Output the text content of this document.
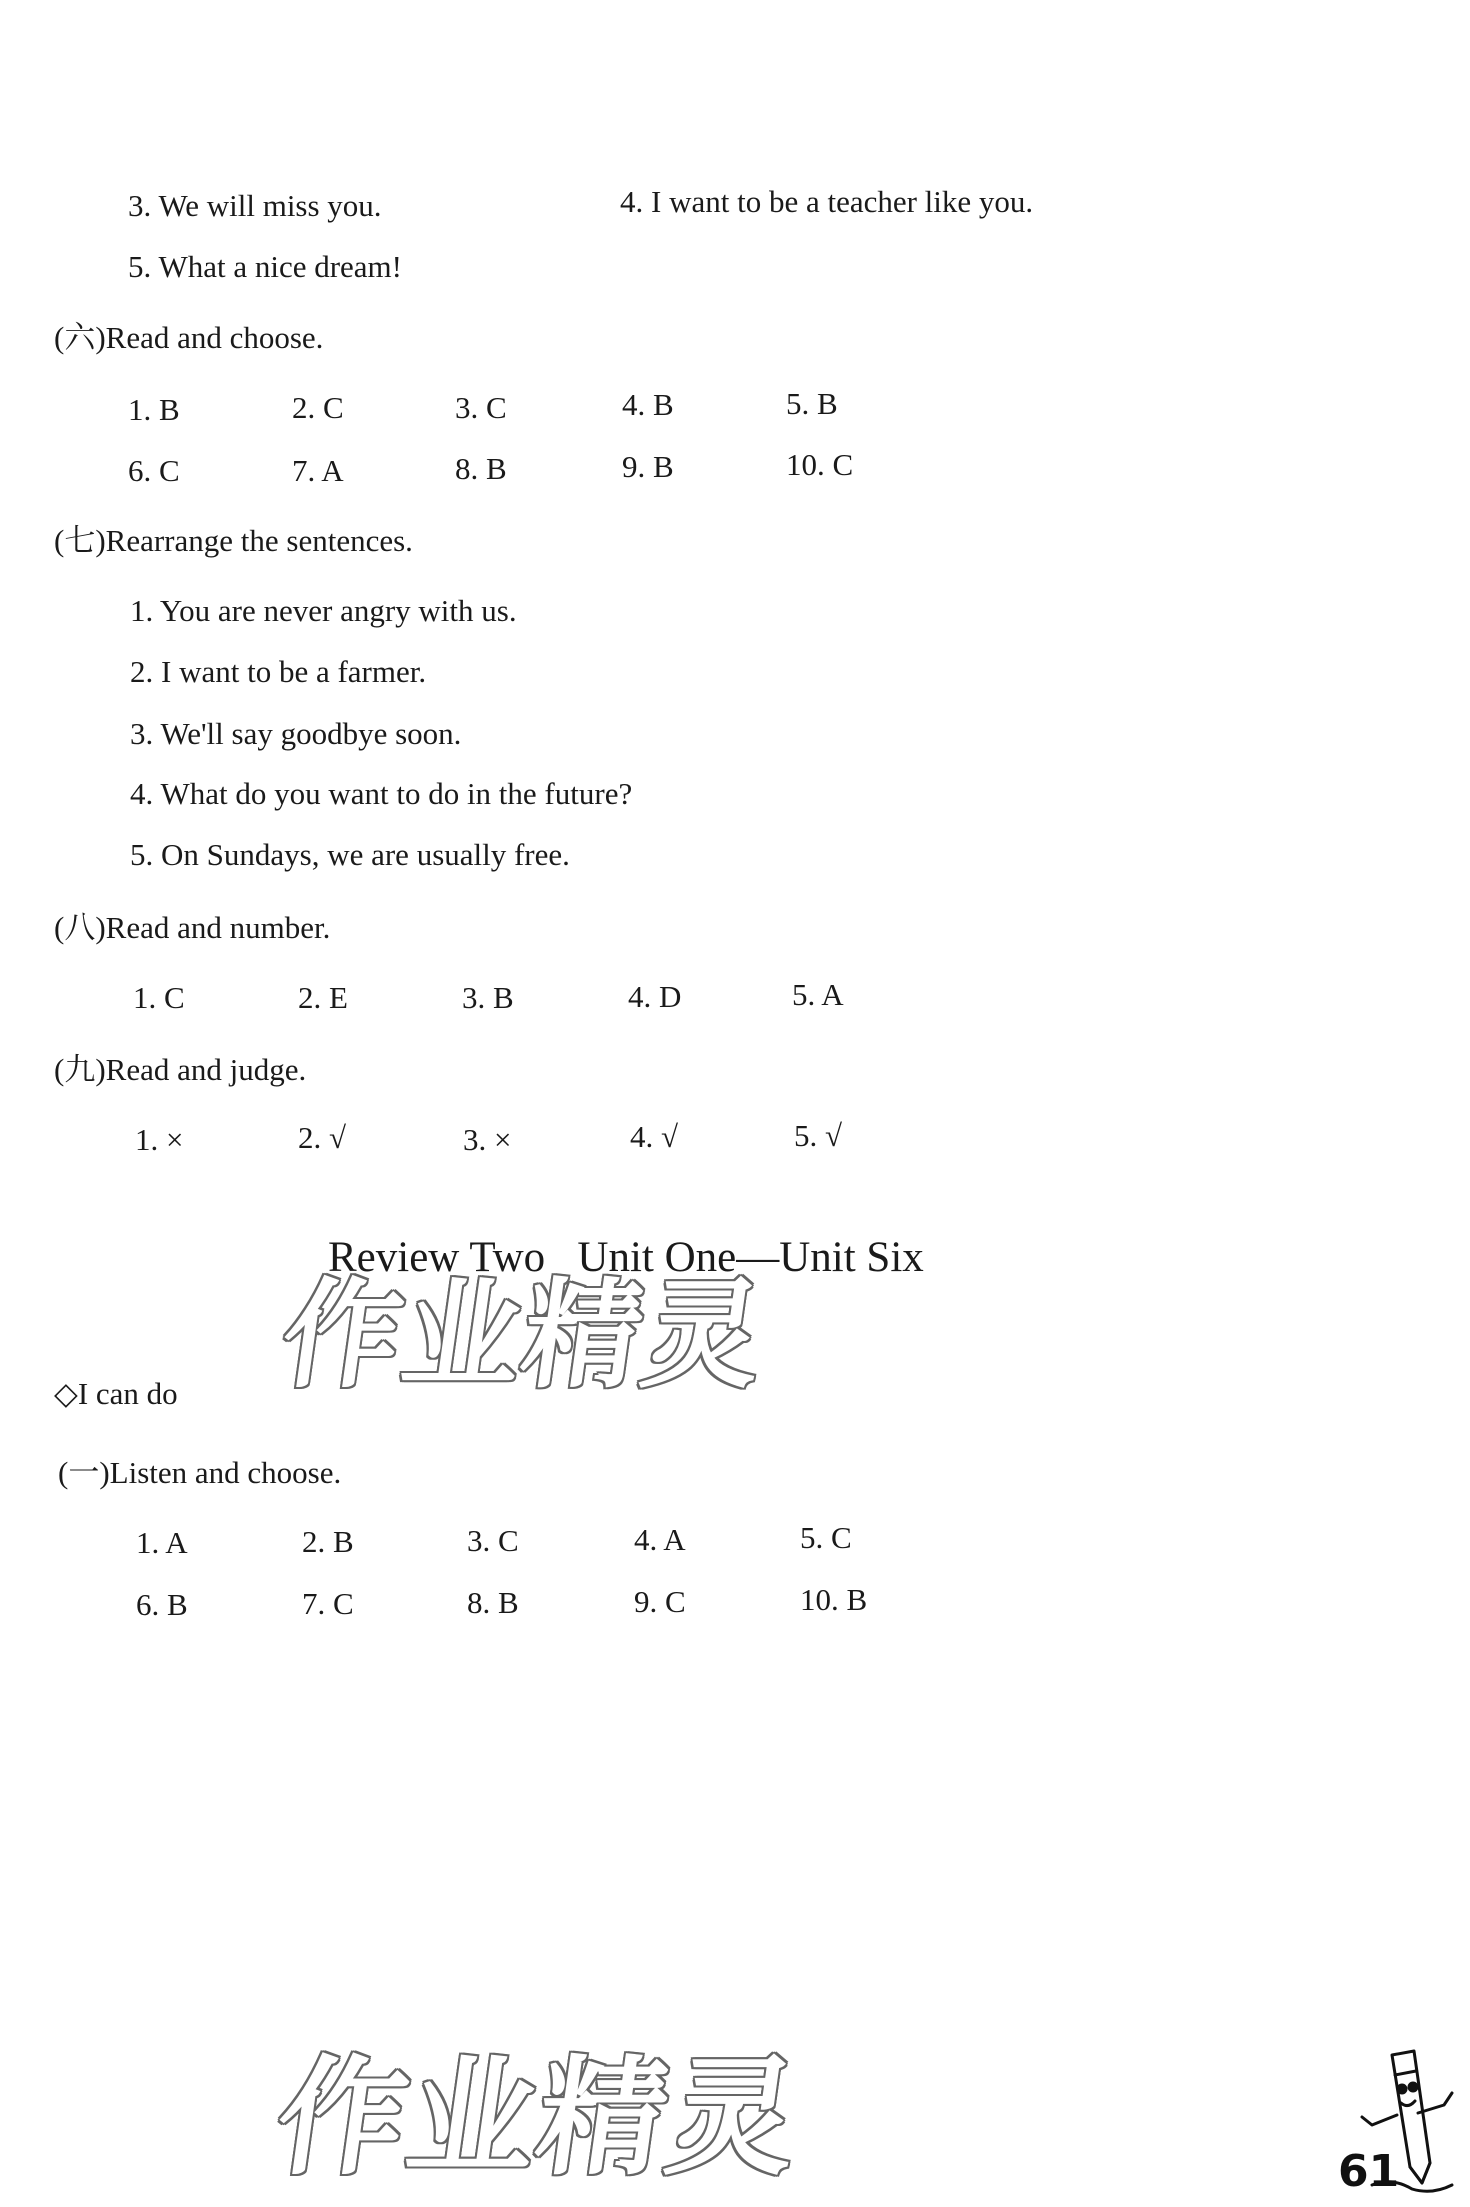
3. We will miss you.	4. I want to be a teacher like you.
5. What a nice dream!
(六)Read and choose.
1. B	2. C	3. C	4. B	5. B
6. C	7. A	8. B	9. B	10. C
(七)Rearrange the sentences.
1. You are never angry with us.
2. I want to be a farmer.
3. We'll say goodbye soon.
4. What do you want to do in the future?
5. On Sundays, we are usually free.
(八)Read and number.
1. C	2. E	3. B	4. D	5. A
(九)Read and judge.
1. ×	2. √	3. ×	4. √	5. √
Review Two   Unit One—Unit Six
作业精灵
◇I can do
(一)Listen and choose.
1. A	2. B	3. C	4. A	5. C
6. B	7. C	8. B	9. C	10. B
作业精灵	61
